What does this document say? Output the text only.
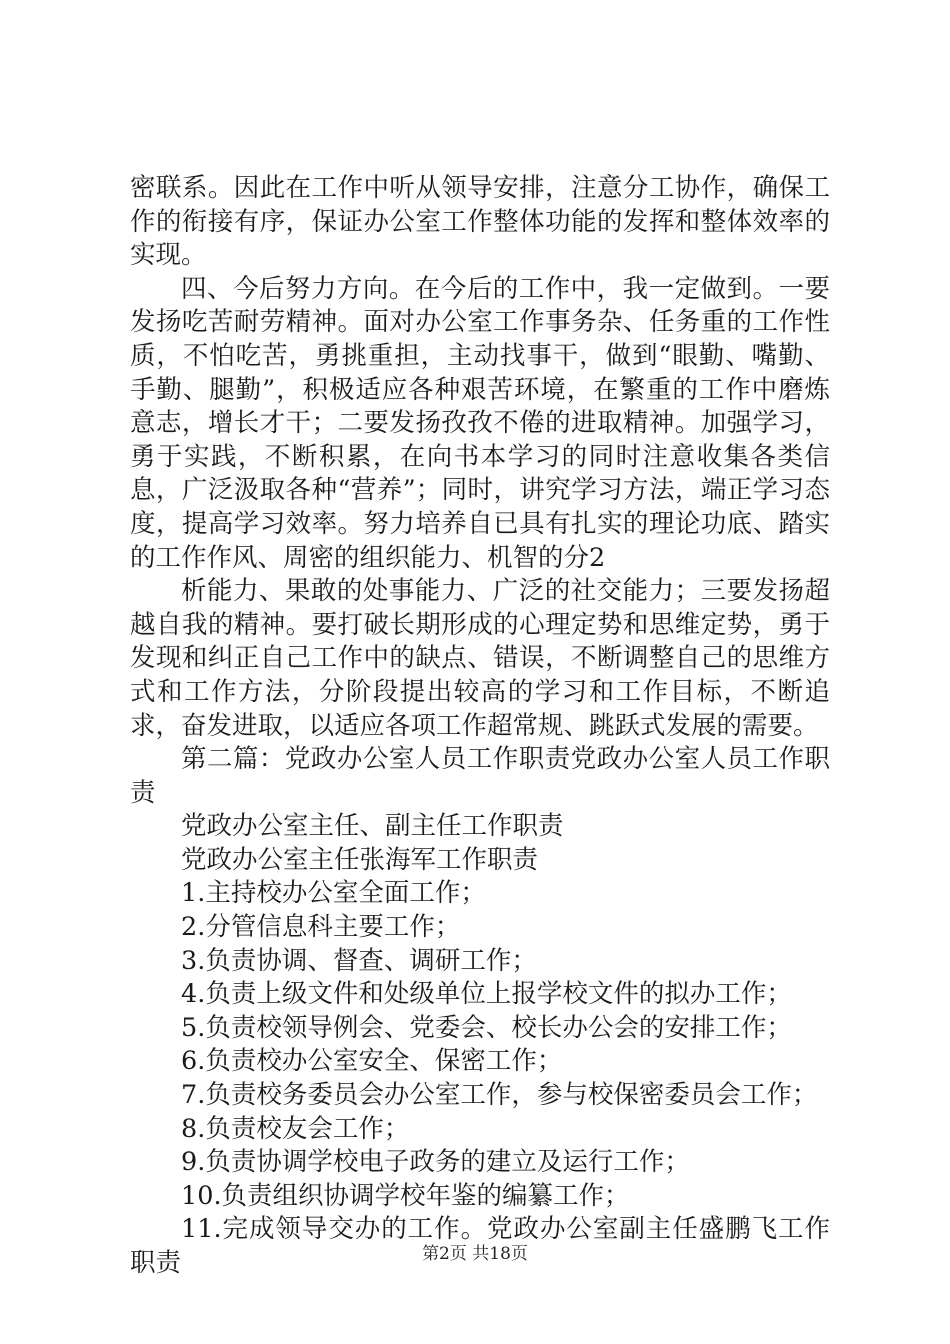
密联系。因此在工作中听从领导安排，注意分工协作，确保工作的衔接有序，保证办公室工作整体功能的发挥和整体效率的实现。

四、今后努力方向。在今后的工作中，我一定做到。一要发扬吃苦耐劳精神。面对办公室工作事务杂、任务重的工作性质，不怕吃苦，勇挑重担，主动找事干，做到“眼勤、嘴勤、手勤、腿勤”，积极适应各种艰苦环境，在繁重的工作中磨炼意志，增长才干；二要发扬孜孜不倦的进取精神。加强学习，勇于实践，不断积累，在向书本学习的同时注意收集各类信息，广泛汲取各种“营养”；同时，讲究学习方法，端正学习态度，提高学习效率。努力培养自已具有扎实的理论功底、踏实的工作作风、周密的组织能力、机智的分2

析能力、果敢的处事能力、广泛的社交能力；三要发扬超越自我的精神。要打破长期形成的心理定势和思维定势，勇于发现和纠正自己工作中的缺点、错误，不断调整自己的思维方式和工作方法，分阶段提出较高的学习和工作目标，不断追求，奋发进取，以适应各项工作超常规、跳跃式发展的需要。

第二篇：党政办公室人员工作职责党政办公室人员工作职责

党政办公室主任、副主任工作职责

党政办公室主任张海军工作职责

1.主持校办公室全面工作；

2.分管信息科主要工作；

3.负责协调、督查、调研工作；

4.负责上级文件和处级单位上报学校文件的拟办工作；

5.负责校领导例会、党委会、校长办公会的安排工作；

6.负责校办公室安全、保密工作；

7.负责校务委员会办公室工作，参与校保密委员会工作；

8.负责校友会工作；

9.负责协调学校电子政务的建立及运行工作；

10.负责组织协调学校年鉴的编纂工作；

11.完成领导交办的工作。党政办公室副主任盛鹏飞工作职责	第2页 共18页
